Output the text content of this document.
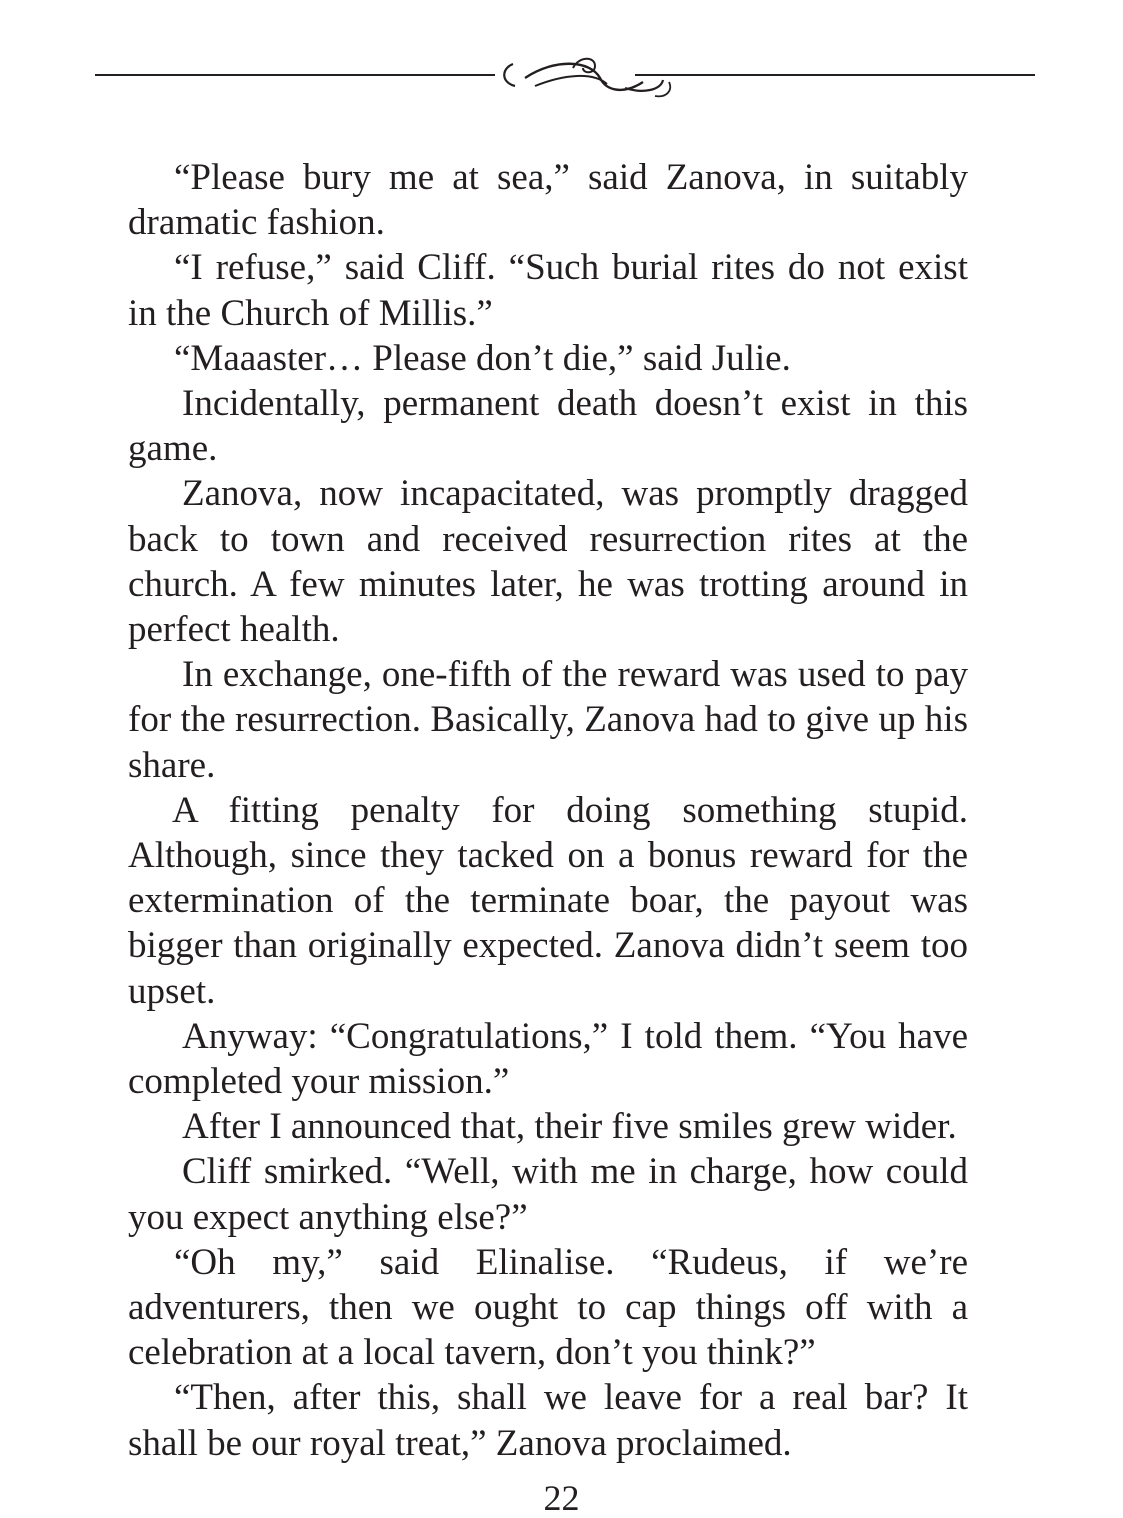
“Please bury me at sea,” said Zanova, in suitably dramatic fashion.

“I refuse,” said Cliff. “Such burial rites do not exist in the Church of Millis.”

“Maaaster… Please don’t die,” said Julie.

Incidentally, permanent death doesn’t exist in this game.

Zanova, now incapacitated, was promptly dragged back to town and received resurrection rites at the church. A few minutes later, he was trotting around in perfect health.

In exchange, one-fifth of the reward was used to pay for the resurrection. Basically, Zanova had to give up his share.

A fitting penalty for doing something stupid. Although, since they tacked on a bonus reward for the extermination of the terminate boar, the payout was bigger than originally expected. Zanova didn’t seem too upset.

Anyway: “Congratulations,” I told them. “You have completed your mission.”

After I announced that, their five smiles grew wider.

Cliff smirked. “Well, with me in charge, how could you expect anything else?”

“Oh my,” said Elinalise. “Rudeus, if we’re adventurers, then we ought to cap things off with a celebration at a local tavern, don’t you think?”

“Then, after this, shall we leave for a real bar? It shall be our royal treat,” Zanova proclaimed.

22
